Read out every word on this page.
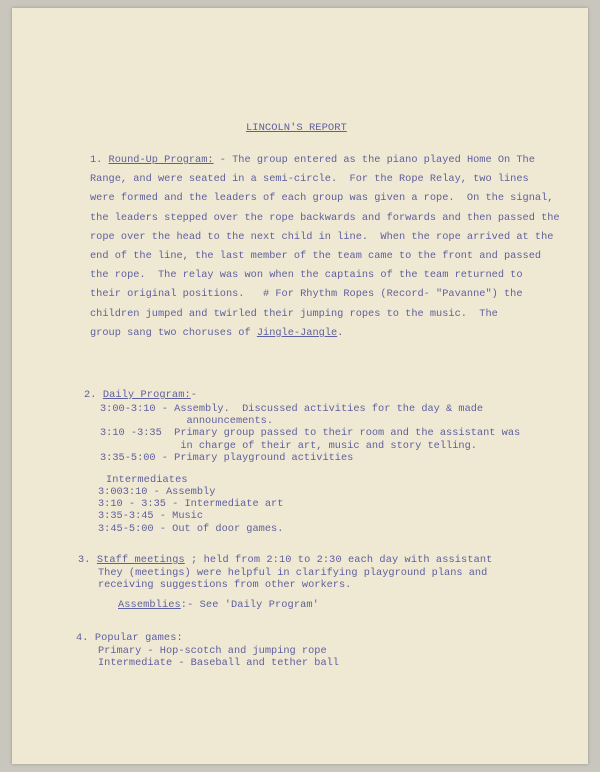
LINCOLN'S REPORT
1. Round-Up Program: - The group entered as the piano played Home On The
Range, and were seated in a semi-circle.  For the Rope Relay, two lines
were formed and the leaders of each group was given a rope.  On the signal,
the leaders stepped over the rope backwards and forwards and then passed the
rope over the head to the next child in line.  When the rope arrived at the
end of the line, the last member of the team came to the front and passed
the rope.  The relay was won when the captains of the team returned to
their original positions.   # For Rhythm Ropes (Record- "Pavanne") the
children jumped and twirled their jumping ropes to the music.  The
group sang two choruses of Jingle-Jangle.
2. Daily Program:-
3:00-3:10 - Assembly.  Discussed activities for the day & made
announcements.
3:10 -3:35  Primary group passed to their room and the assistant was
in charge of their art, music and story telling.
3:35-5:00 - Primary playground activities
Intermediates
3:003:10 - Assembly
3:10 - 3:35 - Intermediate art
3:35-3:45 - Music
3:45-5:00 - Out of door games.
3. Staff meetings ; held from 2:10 to 2:30 each day with assistant
They (meetings) were helpful in clarifying playground plans and
receiving suggestions from other workers.
Assemblies:- See 'Daily Program'
4. Popular games:
Primary - Hop-scotch and jumping rope
Intermediate - Baseball and tether ball
